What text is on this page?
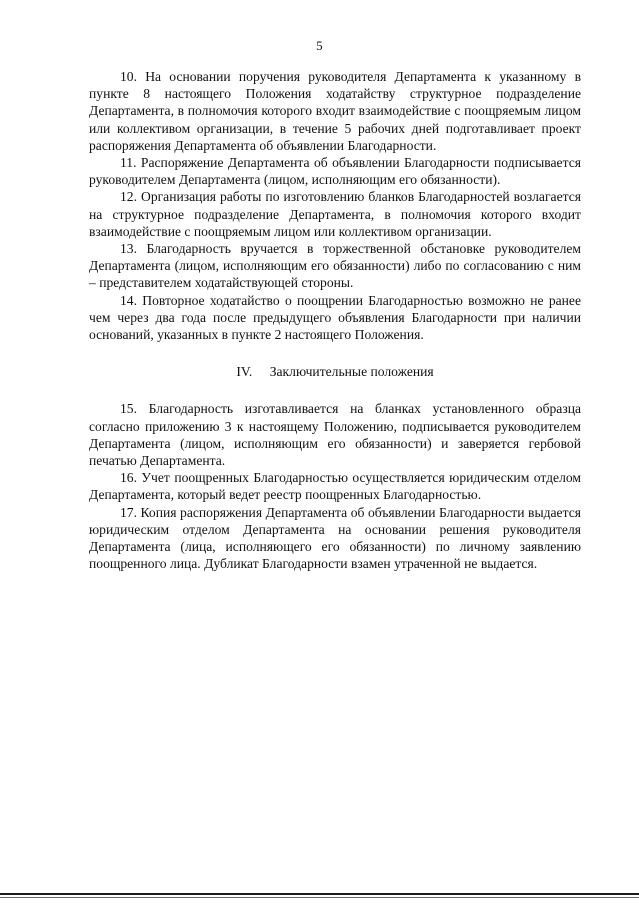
5

10. На основании поручения руководителя Департамента к указанному в пункте 8 настоящего Положения ходатайству структурное подразделение Департамента, в полномочия которого входит взаимодействие с поощряемым лицом или коллективом организации, в течение 5 рабочих дней подготавливает проект распоряжения Департамента об объявлении Благодарности.

11. Распоряжение Департамента об объявлении Благодарности подписывается руководителем Департамента (лицом, исполняющим его обязанности).

12. Организация работы по изготовлению бланков Благодарностей возлагается на структурное подразделение Департамента, в полномочия которого входит взаимодействие с поощряемым лицом или коллективом организации.

13. Благодарность вручается в торжественной обстановке руководителем Департамента (лицом, исполняющим его обязанности) либо по согласованию с ним – представителем ходатайствующей стороны.

14. Повторное ходатайство о поощрении Благодарностью возможно не ранее чем через два года после предыдущего объявления Благодарности при наличии оснований, указанных в пункте 2 настоящего Положения.

IV. Заключительные положения

15. Благодарность изготавливается на бланках установленного образца согласно приложению 3 к настоящему Положению, подписывается руководителем Департамента (лицом, исполняющим его обязанности) и заверяется гербовой печатью Департамента.

16. Учет поощренных Благодарностью осуществляется юридическим отделом Департамента, который ведет реестр поощренных Благодарностью.

17. Копия распоряжения Департамента об объявлении Благодарности выдается юридическим отделом Департамента на основании решения руководителя Департамента (лица, исполняющего его обязанности) по личному заявлению поощренного лица. Дубликат Благодарности взамен утраченной не выдается.
